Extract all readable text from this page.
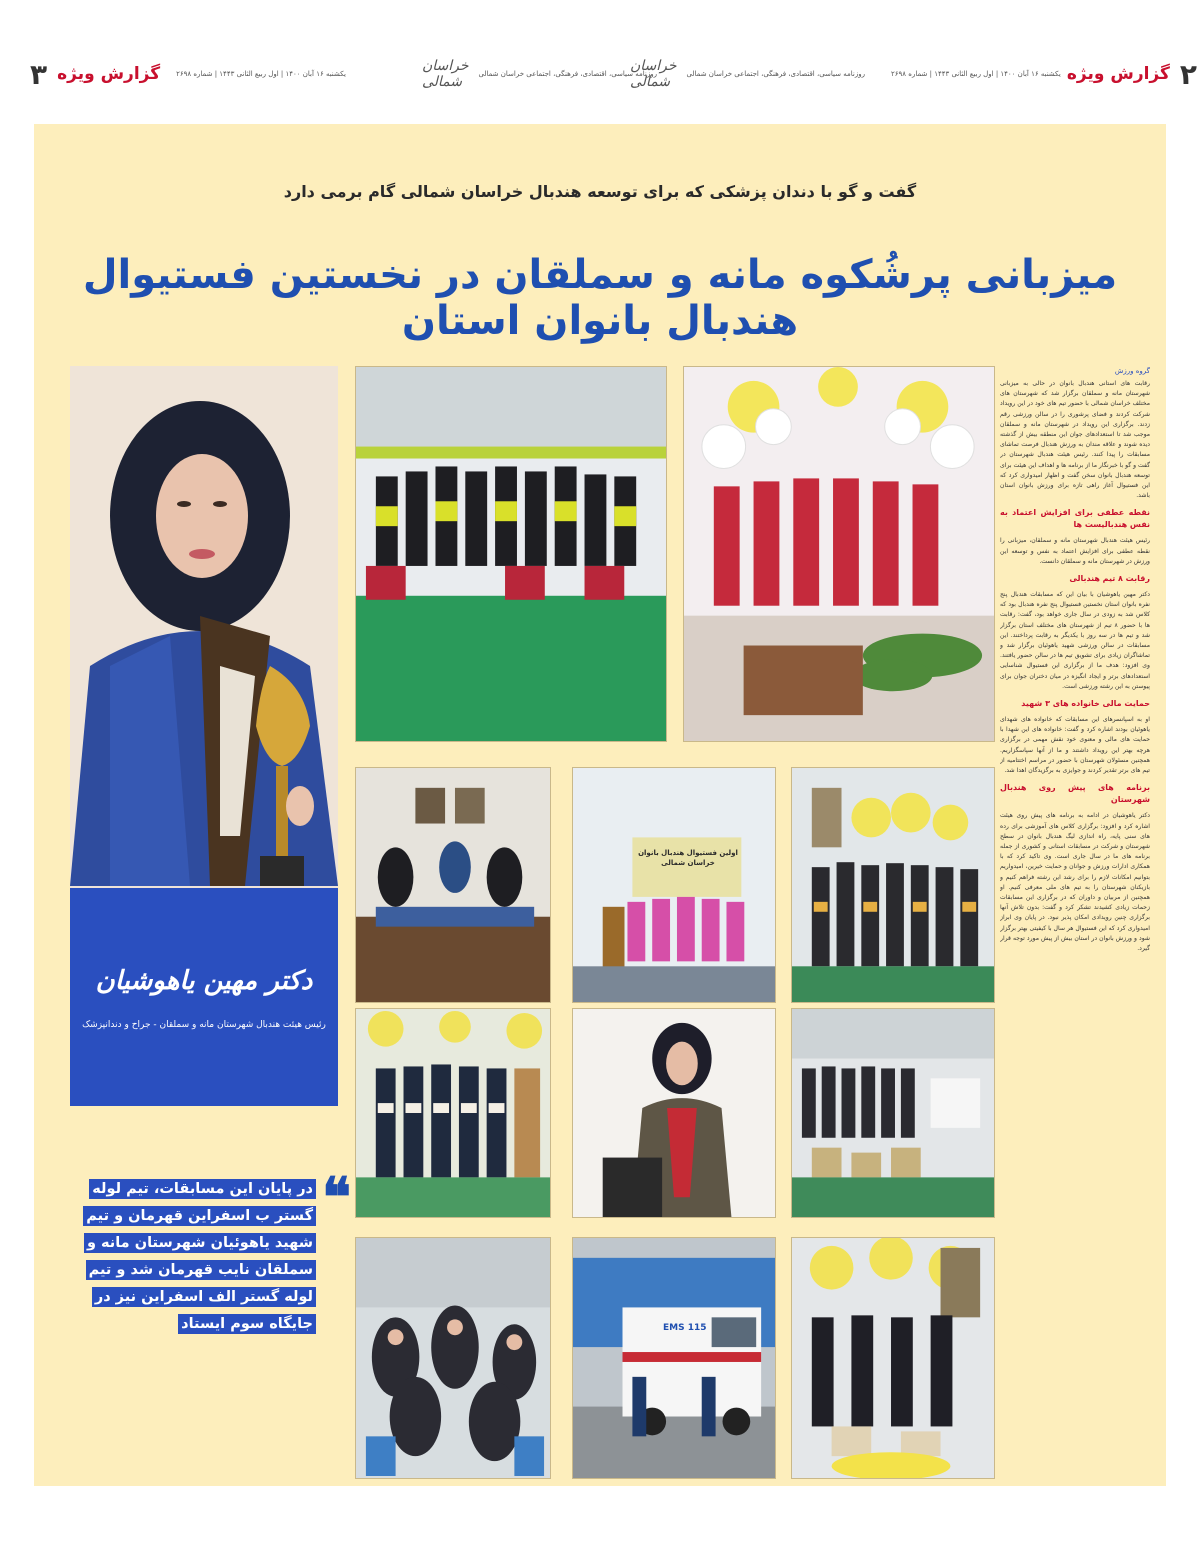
۳ گزارش ویژه یکشنبه ۱۶ آبان ۱۴۰۰ | اول ربیع الثانی ۱۴۴۳ | شماره ۲۶۹۸	خراسان شمالی	روزنامه سیاسی، اقتصادی، فرهنگی، اجتماعی خراسان شمالی
خراسان شمالی	روزنامه سیاسی، اقتصادی، فرهنگی، اجتماعی خراسان شمالی	یکشنبه ۱۶ آبان ۱۴۰۰ | اول ربیع الثانی ۱۴۴۳ | شماره ۲۶۹۸ گزارش ویژه ۲
گفت و گو با دندان پزشکی که برای توسعه هندبال خراسان شمالی گام برمی دارد
میزبانی پرشُکوه مانه و سملقان در نخستین فستیوال هندبال بانوان استان
دکتر مهین یاهوشیان
رئیس هیئت هندبال شهرستان مانه و سملقان - جراح و دندانپزشک
❝
در پایان این مسابقات، تیم لوله گستر ب اسفراین قهرمان و تیم شهید یاهوئیان شهرستان مانه و سملقان نایب قهرمان شد و تیم لوله گستر الف اسفراین نیز در جایگاه سوم ایستاد
اولین فستیوال هندبال بانوان خراسان شمالی
EMS 115
گروه ورزش
رقابت های استانی هندبال بانوان در حالی به میزبانی شهرستان مانه و سملقان برگزار شد که شهرستان های مختلف خراسان شمالی با حضور تیم های خود در این رویداد شرکت کردند و فضای پرشوری را در سالن ورزشی رقم زدند. برگزاری این رویداد در شهرستان مانه و سملقان موجب شد تا استعدادهای جوان این منطقه بیش از گذشته دیده شوند و علاقه مندان به ورزش هندبال فرصت تماشای مسابقات را پیدا کنند. رئیس هیئت هندبال شهرستان در گفت و گو با خبرنگار ما از برنامه ها و اهداف این هیئت برای توسعه هندبال بانوان سخن گفت و اظهار امیدواری کرد که این فستیوال آغاز راهی تازه برای ورزش بانوان استان باشد.
نقطه عطفی برای افزایش اعتماد به نفس هندبالیست ها
رئیس هیئت هندبال شهرستان مانه و سملقان، میزبانی را نقطه عطفی برای افزایش اعتماد به نفس و توسعه این ورزش در شهرستان مانه و سملقان دانست.
رقابت ۸ تیم هندبالی
دکتر مهین یاهوشیان با بیان این که مسابقات هندبال پنج نفره بانوان استان نخستین فستیوال پنج نفره هندبال بود که کلاس شد به زودی در سال جاری خواهد بود، گفت: رقابت ها با حضور ۸ تیم از شهرستان های مختلف استان برگزار شد و تیم ها در سه روز با یکدیگر به رقابت پرداختند. این مسابقات در سالن ورزشی شهید یاهوئیان برگزار شد و تماشاگران زیادی برای تشویق تیم ها در سالن حضور یافتند. وی افزود: هدف ما از برگزاری این فستیوال شناسایی استعدادهای برتر و ایجاد انگیزه در میان دختران جوان برای پیوستن به این رشته ورزشی است.
حمایت مالی خانواده های ۳ شهید
او به اسپانسرهای این مسابقات که خانواده های شهدای یاهوئیان بودند اشاره کرد و گفت: خانواده های این شهدا با حمایت های مالی و معنوی خود نقش مهمی در برگزاری هرچه بهتر این رویداد داشتند و ما از آنها سپاسگزاریم. همچنین مسئولان شهرستان با حضور در مراسم اختتامیه از تیم های برتر تقدیر کردند و جوایزی به برگزیدگان اهدا شد.
برنامه های پیش روی هندبال شهرستان
دکتر یاهوشیان در ادامه به برنامه های پیش روی هیئت اشاره کرد و افزود: برگزاری کلاس های آموزشی برای رده های سنی پایه، راه اندازی لیگ هندبال بانوان در سطح شهرستان و شرکت در مسابقات استانی و کشوری از جمله برنامه های ما در سال جاری است. وی تاکید کرد که با همکاری ادارات ورزش و جوانان و حمایت خیرین، امیدواریم بتوانیم امکانات لازم را برای رشد این رشته فراهم کنیم و بازیکنان شهرستان را به تیم های ملی معرفی کنیم. او همچنین از مربیان و داوران که در برگزاری این مسابقات زحمات زیادی کشیدند تشکر کرد و گفت: بدون تلاش آنها برگزاری چنین رویدادی امکان پذیر نبود. در پایان وی ابراز امیدواری کرد که این فستیوال هر سال با کیفیتی بهتر برگزار شود و ورزش بانوان در استان بیش از پیش مورد توجه قرار گیرد.
